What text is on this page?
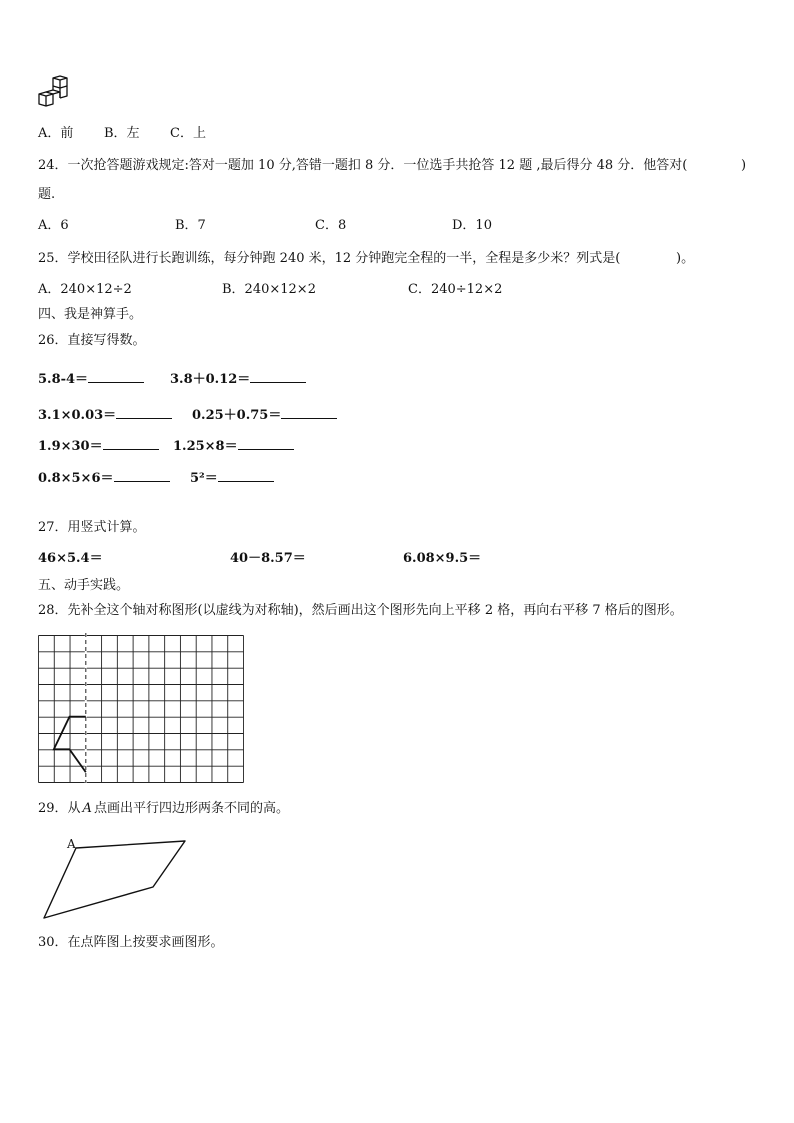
A．前 B．左 C．上
24．一次抢答题游戏规定:答对一题加 10 分,答错一题扣 8 分．一位选手共抢答 12 题 ,最后得分 48 分．他答对(	)
题.
A．6	B．7	C．8	D．10
25．学校田径队进行长跑训练，每分钟跑 240 米，12 分钟跑完全程的一半，全程是多少米？列式是(	)。
A．240×12÷2	B．240×12×2	C．240÷12×2
四、我是神算手。
26．直接写得数。
5.8-4＝	3.8＋0.12＝
3.1×0.03＝	0.25＋0.75＝
1.9×30＝	1.25×8＝
0.8×5×6＝	5²＝
27．用竖式计算。
46×5.4＝	40－8.57＝	6.08×9.5＝
五、动手实践。
28．先补全这个轴对称图形(以虚线为对称轴)，然后画出这个图形先向上平移 2 格，再向右平移 7 格后的图形。
29．从 A 点画出平行四边形两条不同的高。
A
30．在点阵图上按要求画图形。
